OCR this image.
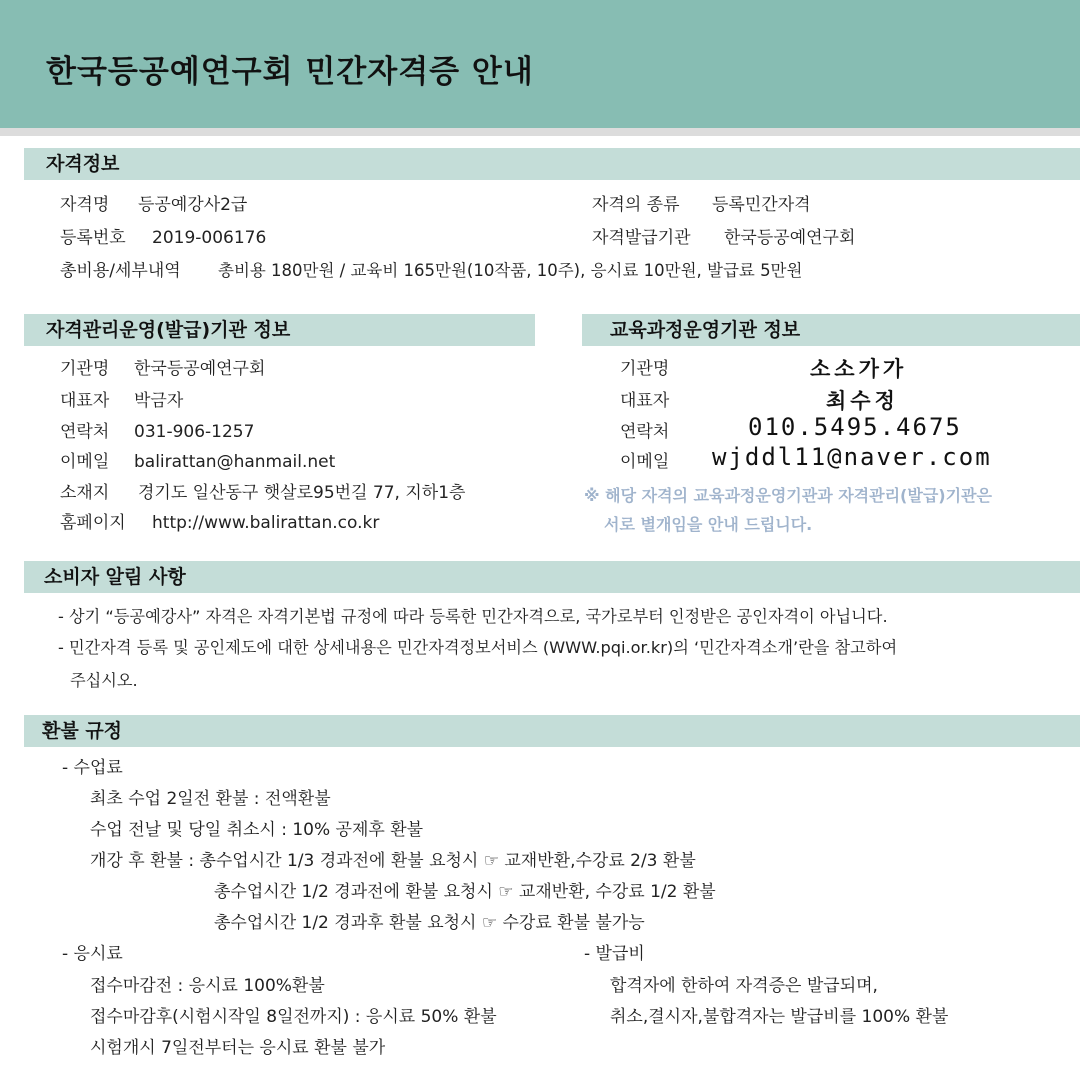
한국등공예연구회 민간자격증 안내
자격정보
자격명 등공예강사2급	자격의 종류 등록민간자격
등록번호 2019-006176	자격발급기관 한국등공예연구회
총비용/세부내역 총비용 180만원 / 교육비 165만원(10작품, 10주), 응시료 10만원, 발급료 5만원
자격관리운영(발급)기관 정보
기관명 한국등공예연구회
대표자 박금자
연락처 031-906-1257
이메일 balirattan@hanmail.net
소재지 경기도 일산동구 햇살로95번길 77, 지하1층
홈페이지 http://www.balirattan.co.kr
교육과정운영기관 정보
기관명	소소가가
대표자	최수정
연락처	010.5495.4675
이메일 wjddl11@naver.com
※ 해당 자격의 교육과정운영기관과 자격관리(발급)기관은
서로 별개임을 안내 드립니다.
소비자 알림 사항
- 상기 “등공예강사” 자격은 자격기본법 규정에 따라 등록한 민간자격으로, 국가로부터 인정받은 공인자격이 아닙니다.
- 민간자격 등록 및 공인제도에 대한 상세내용은 민간자격정보서비스 (WWW.pqi.or.kr)의 ‘민간자격소개’란을 참고하여
주십시오.
환불 규정
- 수업료
최초 수업 2일전 환불 : 전액환불
수업 전날 및 당일 취소시 : 10% 공제후 환불
개강 후 환불 : 총수업시간 1/3 경과전에 환불 요청시 ☞ 교재반환,수강료 2/3 환불
총수업시간 1/2 경과전에 환불 요청시 ☞ 교재반환, 수강료 1/2 환불
총수업시간 1/2 경과후 환불 요청시 ☞ 수강료 환불 불가능
- 응시료
접수마감전 : 응시료 100%환불
접수마감후(시험시작일 8일전까지) : 응시료 50% 환불
시험개시 7일전부터는 응시료 환불 불가
- 발급비
합격자에 한하여 자격증은 발급되며,
취소,결시자,불합격자는 발급비를 100% 환불
